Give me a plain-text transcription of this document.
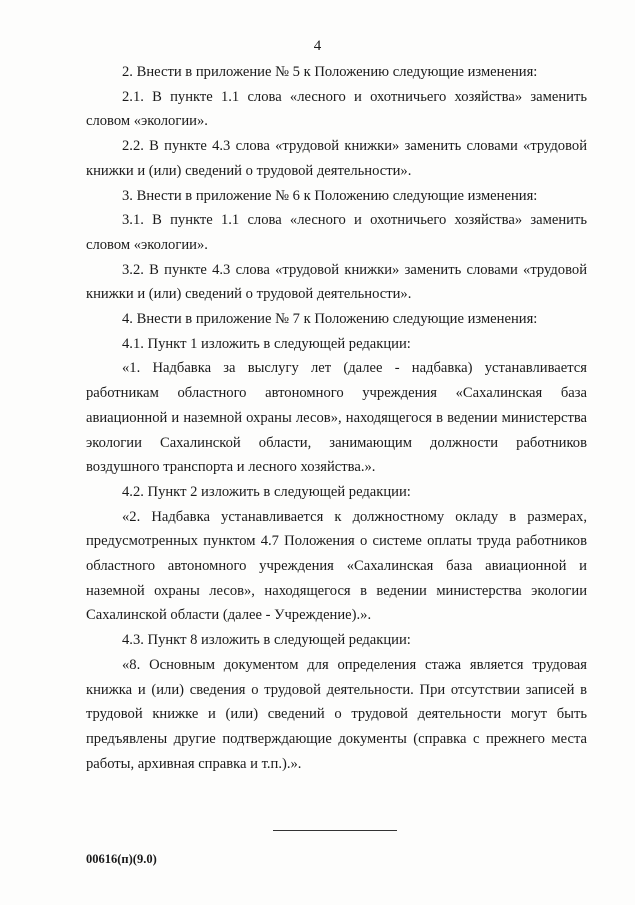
4

2. Внести в приложение № 5 к Положению следующие изменения:

2.1. В пункте 1.1 слова «лесного и охотничьего хозяйства» заменить словом «экологии».

2.2. В пункте 4.3 слова «трудовой книжки» заменить словами «трудовой книжки и (или) сведений о трудовой деятельности».

3. Внести в приложение № 6 к Положению следующие изменения:

3.1. В пункте 1.1 слова «лесного и охотничьего хозяйства» заменить словом «экологии».

3.2. В пункте 4.3 слова «трудовой книжки» заменить словами «трудовой книжки и (или) сведений о трудовой деятельности».

4. Внести в приложение № 7 к Положению следующие изменения:

4.1. Пункт 1 изложить в следующей редакции:

«1. Надбавка за выслугу лет (далее - надбавка) устанавливается работникам областного автономного учреждения «Сахалинская база авиационной и наземной охраны лесов», находящегося в ведении министерства экологии Сахалинской области, занимающим должности работников воздушного транспорта и лесного хозяйства.».

4.2. Пункт 2 изложить в следующей редакции:

«2. Надбавка устанавливается к должностному окладу в размерах, предусмотренных пунктом 4.7 Положения о системе оплаты труда работников областного автономного учреждения «Сахалинская база авиационной и наземной охраны лесов», находящегося в ведении министерства экологии Сахалинской области (далее - Учреждение).».

4.3. Пункт 8 изложить в следующей редакции:

«8. Основным документом для определения стажа является трудовая книжка и (или) сведения о трудовой деятельности. При отсутствии записей в трудовой книжке и (или) сведений о трудовой деятельности могут быть предъявлены другие подтверждающие документы (справка с прежнего места работы, архивная справка и т.п.).».

00616(п)(9.0)
